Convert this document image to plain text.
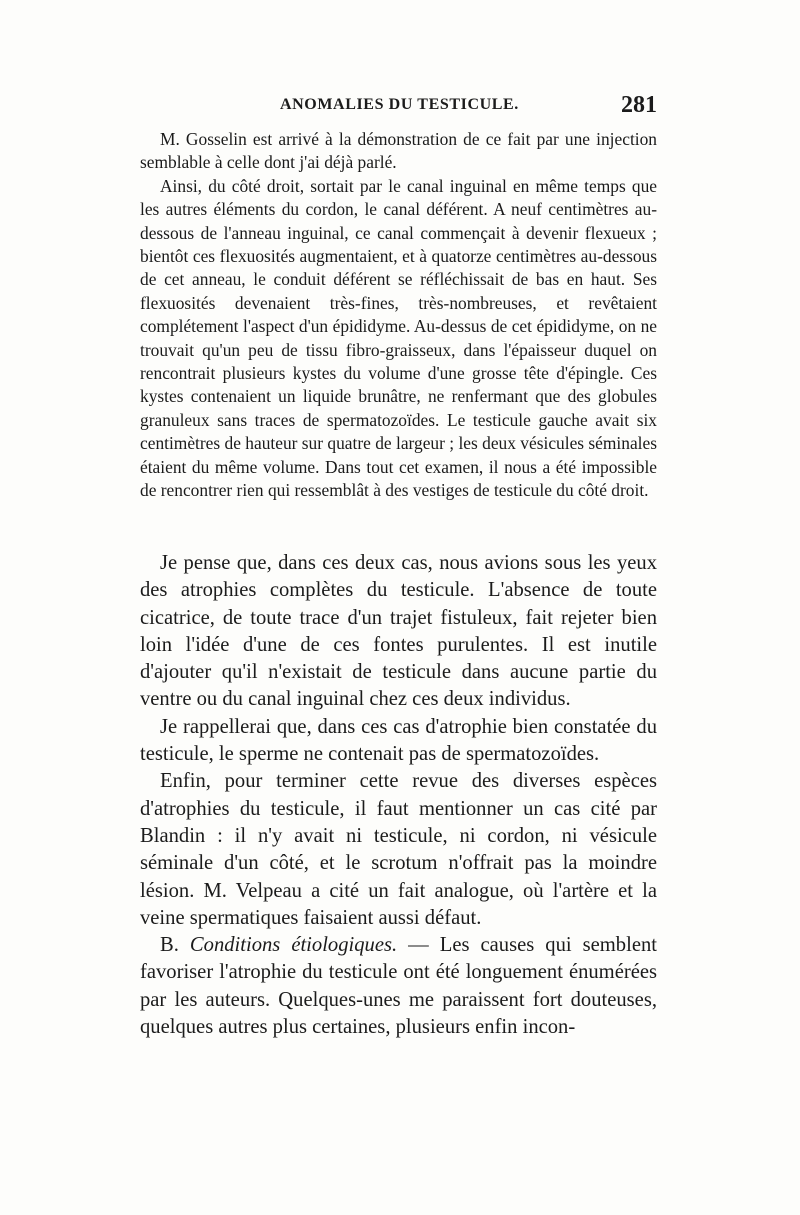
ANOMALIES DU TESTICULE.	281

M. Gosselin est arrivé à la démonstration de ce fait par une injection semblable à celle dont j'ai déjà parlé.

Ainsi, du côté droit, sortait par le canal inguinal en même temps que les autres éléments du cordon, le canal déférent. A neuf centimètres au-dessous de l'anneau inguinal, ce canal commençait à devenir flexueux ; bientôt ces flexuosités augmentaient, et à quatorze centimètres au-dessous de cet anneau, le conduit déférent se réfléchissait de bas en haut. Ses flexuosités devenaient très-fines, très-nombreuses, et revêtaient complétement l'aspect d'un épididyme. Au-dessus de cet épididyme, on ne trouvait qu'un peu de tissu fibro-graisseux, dans l'épaisseur duquel on rencontrait plusieurs kystes du volume d'une grosse tête d'épingle. Ces kystes contenaient un liquide brunâtre, ne renfermant que des globules granuleux sans traces de spermatozoïdes. Le testicule gauche avait six centimètres de hauteur sur quatre de largeur ; les deux vésicules séminales étaient du même volume. Dans tout cet examen, il nous a été impossible de rencontrer rien qui ressemblât à des vestiges de testicule du côté droit.

Je pense que, dans ces deux cas, nous avions sous les yeux des atrophies complètes du testicule. L'absence de toute cicatrice, de toute trace d'un trajet fistuleux, fait rejeter bien loin l'idée d'une de ces fontes purulentes. Il est inutile d'ajouter qu'il n'existait de testicule dans aucune partie du ventre ou du canal inguinal chez ces deux individus.

Je rappellerai que, dans ces cas d'atrophie bien constatée du testicule, le sperme ne contenait pas de spermatozoïdes.

Enfin, pour terminer cette revue des diverses espèces d'atrophies du testicule, il faut mentionner un cas cité par Blandin : il n'y avait ni testicule, ni cordon, ni vésicule séminale d'un côté, et le scrotum n'offrait pas la moindre lésion. M. Velpeau a cité un fait analogue, où l'artère et la veine spermatiques faisaient aussi défaut.

B. Conditions étiologiques. — Les causes qui semblent favoriser l'atrophie du testicule ont été longuement énumérées par les auteurs. Quelques-unes me paraissent fort douteuses, quelques autres plus certaines, plusieurs enfin incon-
